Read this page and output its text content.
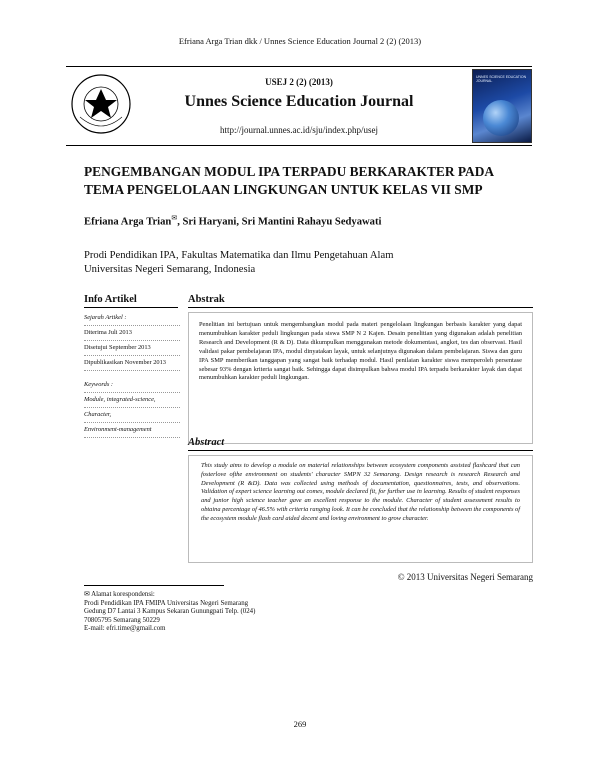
Efriana Arga Trian dkk / Unnes Science Education Journal 2 (2) (2013)
USEJ 2 (2) (2013)
Unnes Science Education Journal
http://journal.unnes.ac.id/sju/index.php/usej
UNNES SCIENCE EDUCATION JOURNAL
PENGEMBANGAN MODUL IPA TERPADU BERKARAKTER PADA TEMA PENGELOLAAN LINGKUNGAN UNTUK KELAS VII SMP
Efriana Arga Trian✉, Sri Haryani, Sri Mantini Rahayu Sedyawati
Prodi Pendidikan IPA, Fakultas Matematika dan Ilmu Pengetahuan Alam
Universitas Negeri Semarang, Indonesia
Info Artikel	Abstrak
Sejarah Artikel :
Diterima Juli 2013
Disetujui September 2013
Dipublikasikan November 2013
Keywords :
Module, integrated-science,
Character,
Environment-management
Penelitian ini bertujuan untuk mengembangkan modul pada materi pengelolaan lingkungan berbasis karakter yang dapat menumbuhkan karakter peduli lingkungan pada siswa SMP N 2 Kajen. Desain penelitian yang digunakan adalah penelitian Research and Development (R & D). Data dikumpulkan menggunakan metode dokumentasi, angket, tes dan observasi. Hasil validasi pakar pembelajaran IPA, modul dinyatakan layak, untuk selanjutnya digunakan dalam pembelajaran. Siswa dan guru IPA SMP memberikan tanggapan yang sangat baik terhadap modul. Hasil penilaian karakter siswa memperoleh persentase sebesar 93% dengan kriteria sangat baik. Sehingga dapat disimpulkan bahwa modul IPA terpadu berkarakter layak dan dapat menumbuhkan karakter peduli lingkungan.
Abstract
This study aims to develop a module on material relationships between ecosystem components assisted flashcard that can fosterlove ofthe environment on students' character SMPN 32 Semarang. Design research is research Research and Development (R &D). Data was collected using methods of documentation, questionnaires, tests, and observations. Validation of expert science learning out comes, module declared fit, for further use in learning. Results of student responses and junior high science teacher gave an excellent response to the module. Character of student assessment results to obtaina percentage of 46.5% with criteria ranging look. It can be concluded that the relationship between the components of the ecosystem module flash card aided decent and loving environment to grow character.
© 2013 Universitas Negeri Semarang
✉ Alamat korespondensi:
Prodi Pendidikan IPA FMIPA Universitas Negeri Semarang
Gedung D7 Lantai 3 Kampus Sekaran Gunungpati Telp. (024)
70805795 Semarang 50229
E-mail: efri.time@gmail.com
269
